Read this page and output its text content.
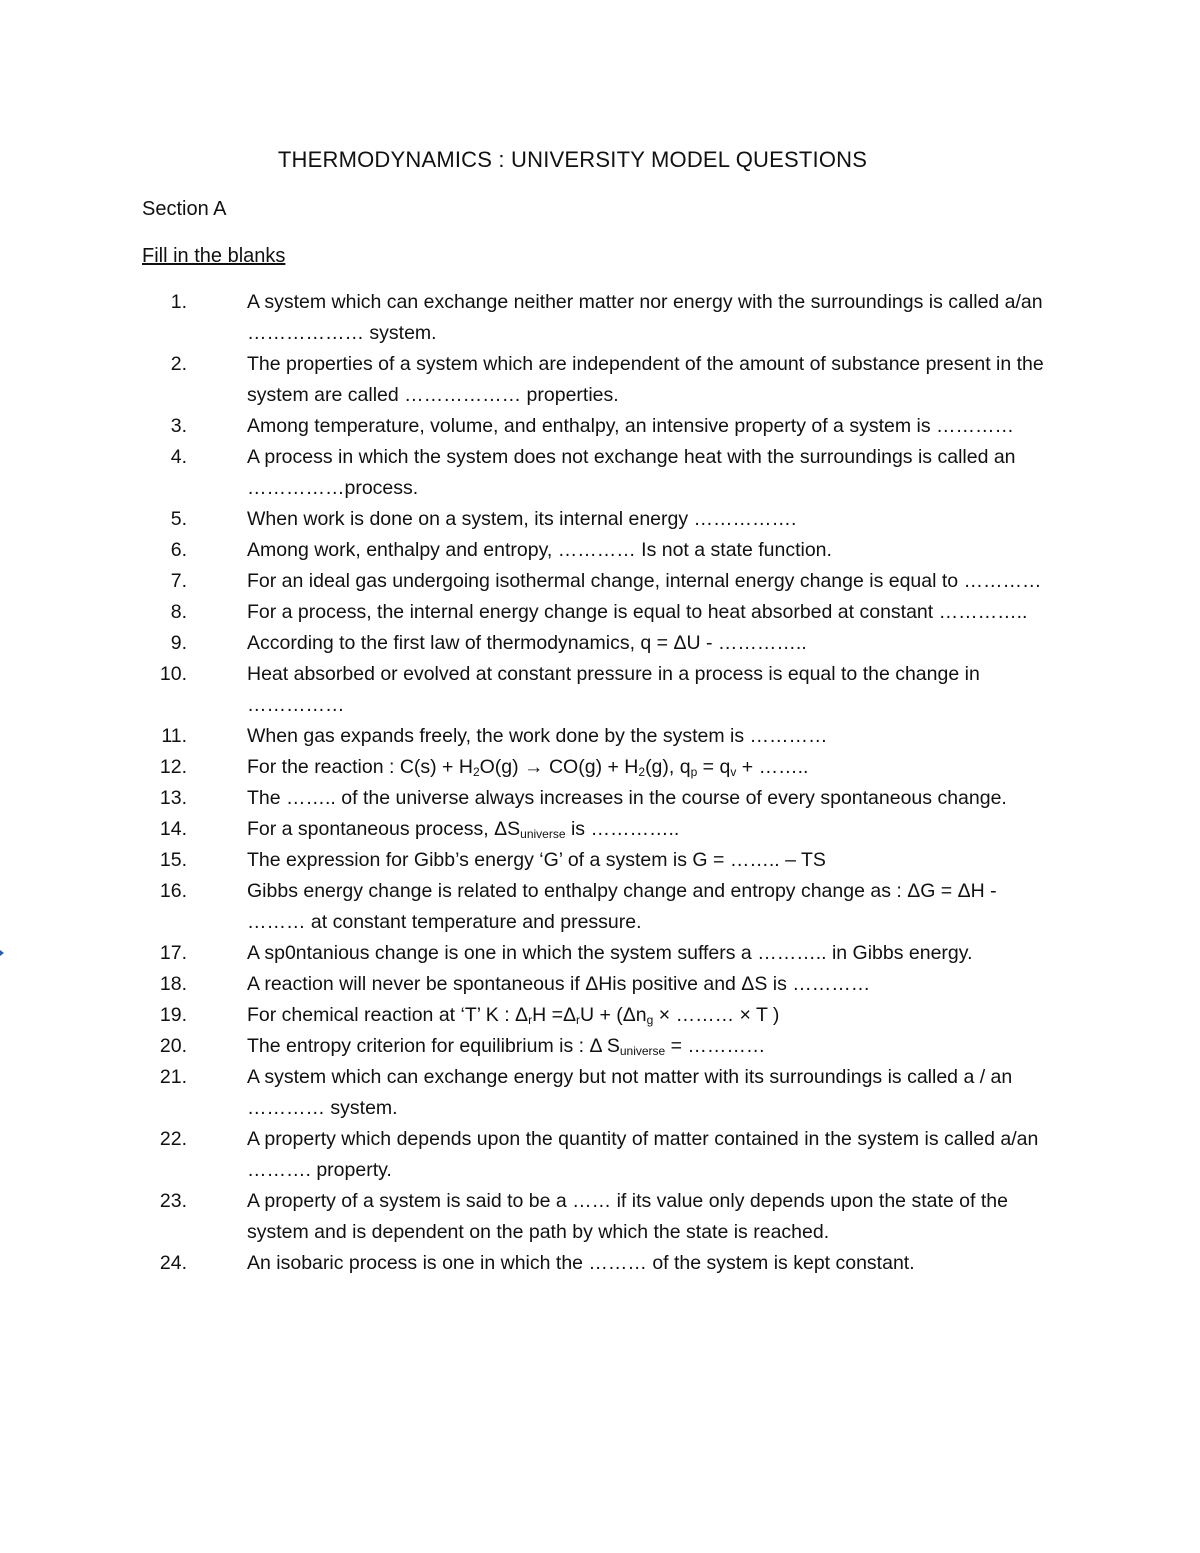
THERMODYNAMICS : UNIVERSITY MODEL QUESTIONS
Section A
Fill in the blanks
1.	A system which can exchange neither matter nor energy with the surroundings is called a/an ……………… system.
2.	The properties of a system which are independent of the amount of substance present in the system are called ……………… properties.
3.	Among temperature, volume, and enthalpy, an intensive property of a system is …………
4.	A process in which the system does not exchange heat with the surroundings is called an ……………process.
5.	When work is done on a system, its internal energy …………….
6.	Among work, enthalpy and entropy, ………… Is not a state function.
7.	For an ideal gas undergoing isothermal change, internal energy change is equal to …………
8.	For a process, the internal energy change is equal to heat absorbed at constant …………..
9.	According to the first law of thermodynamics, q = ΔU - …………..
10.	Heat absorbed or evolved at constant pressure in a process is equal to the change in ……………
11.	When gas expands freely, the work done by the system is …………
12.	For the reaction : $C(s) + H_2O(g) \to CO(g) + H_2(g)$, $q_p = q_v$ + ……..
13.	The …….. of the universe always increases in the course of every spontaneous change.
14.	For a spontaneous process, $\Delta S_{universe}$ is …………..
15.	The expression for Gibb’s energy ‘G’ of a system is G = …….. – TS
16.	Gibbs energy change is related to enthalpy change and entropy change as : ΔG = ΔH - ……… at constant temperature and pressure.
17.	A sp0ntanious change is one in which the system suffers a ……….. in Gibbs energy.
18.	A reaction will never be spontaneous if ΔHis positive and ΔS is …………
19.	For chemical reaction at ‘T’ K : $\Delta_rH =\Delta_rU + (\Delta n_g$ × ……… × T )
20.	The entropy criterion for equilibrium is : Δ $S_{universe}$ = …………
21.	A system which can exchange energy but not matter with its surroundings is called a / an ………… system.
22.	A property which depends upon the quantity of matter contained in the system is called a/an ………. property.
23.	A property of a system is said to be a …… if its value only depends upon the state of the system and is dependent on the path by which the state is reached.
24.	An isobaric process is one in which the ……… of the system is kept constant.
